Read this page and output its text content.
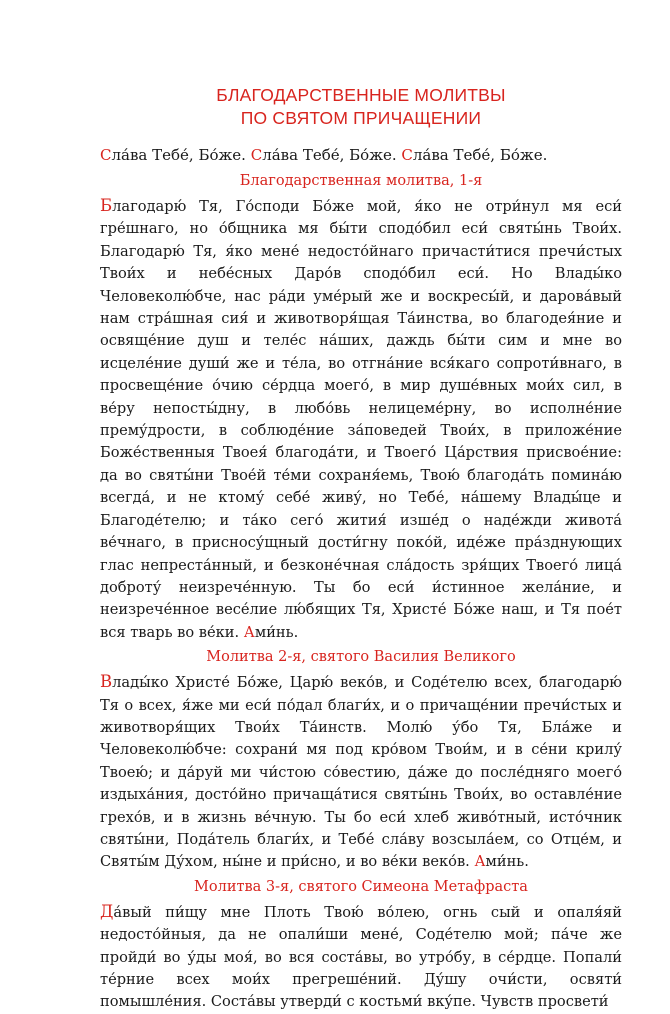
БЛАГОДАРСТВЕННЫЕ МОЛИТВЫ
ПО СВЯТОМ ПРИЧАЩЕНИИ
Сла́ва Тебе́, Бо́же. Сла́ва Тебе́, Бо́же. Сла́ва Тебе́, Бо́же.
Благодарственная молитва, 1-я

Благодарю́ Тя, Го́споди Бо́же мой, я́ко не отри́нул мя еси́ гре́шнаго, но о́бщника мя бы́ти сподо́бил еси́ святы́нь Твои́х. Благодарю́ Тя, я́ко мене́ недосто́йнаго причасти́тися пречи́стых Твои́х и небе́сных Даро́в сподо́бил еси́. Но Влады́ко Человеколю́бче, нас ра́ди уме́рый же и воскресы́й, и дарова́вый нам стра́шная сия́ и животворя́щая Та́инства, во благодея́ние и освяще́ние душ и теле́с на́ших, даждь бы́ти сим и мне во исцеле́ние души́ же и те́ла, во отгна́ние вся́каго сопроти́внаго, в просвеще́ние о́чию се́рдца моего́, в мир душе́вных мои́х сил, в ве́ру непосты́дну, в любо́вь нелицеме́рну, во исполне́ние прему́дрости, в соблюде́ние за́поведей Твои́х, в приложе́ние Боже́ственныя Твоея́ благода́ти, и Твоего́ Ца́рствия присвое́ние: да во святы́ни Твое́й те́ми сохраня́емь, Твою́ благода́ть помина́ю всегда́, и не ктому́ себе́ живу́, но Тебе́, на́шему Влады́це и Благоде́телю; и та́ко сего́ жития́ изше́д о наде́жди живота́ ве́чнаго, в присносу́щный дости́гну поко́й, иде́же пра́зднующих глас непреста́нный, и безконе́чная сла́дость зря́щих Твоего́ лица́ доброту́ неизрече́нную. Ты бо еси́ и́стинное жела́ние, и неизрече́нное весе́лие лю́бящих Тя, Христе́ Бо́же наш, и Тя пое́т вся тварь во ве́ки. Ами́нь.

Молитва 2-я, святого Василия Великого

Влады́ко Христе́ Бо́же, Царю́ веко́в, и Соде́телю всех, благодарю́ Тя о всех, я́же ми еси́ по́дал благи́х, и о причаще́нии пречи́стых и животворя́щих Твои́х Та́инств. Молю́ у́бо Тя, Бла́же и Человеколю́бче: сохрани́ мя под кро́вом Твои́м, и в се́ни крилу́ Твоею́; и да́руй ми чи́стою со́вестию, да́же до после́дняго моего́ издыха́ния, досто́йно причаща́тися святы́нь Твои́х, во оставле́ние грехо́в, и в жизнь ве́чную. Ты бо еси́ хлеб живо́тный, исто́чник святы́ни, Пода́тель благи́х, и Тебе́ сла́ву возсыла́ем, со Отце́м, и Святы́м Ду́хом, ны́не и при́сно, и во ве́ки веко́в. Ами́нь.

Молитва 3-я, святого Симеона Метафраста

Да́вый пи́щу мне Плоть Твою́ во́лею, огнь сый и опаля́яй недосто́йныя, да не опали́ши мене́, Соде́телю мой; па́че же пройди́ во у́ды моя́, во вся соста́вы, во утро́бу, в се́рдце. Попали́ те́рние всех мои́х прегреше́ний. Ду́шу очи́сти, освяти́ помышле́ния. Соста́вы утверди́ с костьми́ вку́пе. Чувств просвети́
